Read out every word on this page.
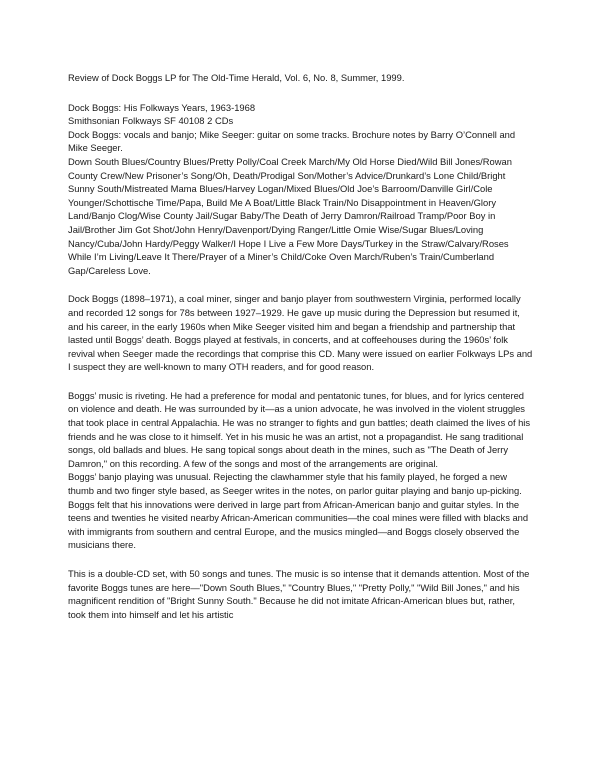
Review of Dock Boggs LP for The Old-Time Herald, Vol. 6, No. 8, Summer, 1999.

Dock Boggs: His Folkways Years, 1963-1968
Smithsonian Folkways SF 40108 2 CDs
Dock Boggs: vocals and banjo; Mike Seeger: guitar on some tracks. Brochure notes by Barry O’Connell and Mike Seeger.

Down South Blues/Country Blues/Pretty Polly/Coal Creek March/My Old Horse Died/Wild Bill Jones/Rowan County Crew/New Prisoner’s Song/Oh, Death/Prodigal Son/Mother’s Advice/Drunkard’s Lone Child/Bright Sunny South/Mistreated Mama Blues/Harvey Logan/Mixed Blues/Old Joe’s Barroom/Danville Girl/Cole Younger/Schottische Time/Papa, Build Me A Boat/Little Black Train/No Disappointment in Heaven/Glory Land/Banjo Clog/Wise County Jail/Sugar Baby/The Death of Jerry Damron/Railroad Tramp/Poor Boy in Jail/Brother Jim Got Shot/John Henry/Davenport/Dying Ranger/Little Omie Wise/Sugar Blues/Loving Nancy/Cuba/John Hardy/Peggy Walker/I Hope I Live a Few More Days/Turkey in the Straw/Calvary/Roses While I’m Living/Leave It There/Prayer of a Miner’s Child/Coke Oven March/Ruben’s Train/Cumberland Gap/Careless Love.

Dock Boggs (1898–1971), a coal miner, singer and banjo player from southwestern Virginia, performed locally and recorded 12 songs for 78s between 1927–1929. He gave up music during the Depression but resumed it, and his career, in the early 1960s when Mike Seeger visited him and began a friendship and partnership that lasted until Boggs’ death. Boggs played at festivals, in concerts, and at coffeehouses during the 1960s’ folk revival when Seeger made the recordings that comprise this CD. Many were issued on earlier Folkways LPs and I suspect they are well-known to many OTH readers, and for good reason.

Boggs’ music is riveting. He had a preference for modal and pentatonic tunes, for blues, and for lyrics centered on violence and death. He was surrounded by it—as a union advocate, he was involved in the violent struggles that took place in central Appalachia. He was no stranger to fights and gun battles; death claimed the lives of his friends and he was close to it himself. Yet in his music he was an artist, not a propagandist. He sang traditional songs, old ballads and blues. He sang topical songs about death in the mines, such as "The Death of Jerry Damron," on this recording. A few of the songs and most of the arrangements are original.

Boggs’ banjo playing was unusual. Rejecting the clawhammer style that his family played, he forged a new thumb and two finger style based, as Seeger writes in the notes, on parlor guitar playing and banjo up-picking. Boggs felt that his innovations were derived in large part from African-American banjo and guitar styles. In the teens and twenties he visited nearby African-American communities—the coal mines were filled with blacks and with immigrants from southern and central Europe, and the musics mingled—and Boggs closely observed the musicians there.

This is a double-CD set, with 50 songs and tunes. The music is so intense that it demands attention. Most of the favorite Boggs tunes are here—"Down South Blues," "Country Blues," "Pretty Polly," "Wild Bill Jones," and his magnificent rendition of "Bright Sunny South." Because he did not imitate African-American blues but, rather, took them into himself and let his artistic
